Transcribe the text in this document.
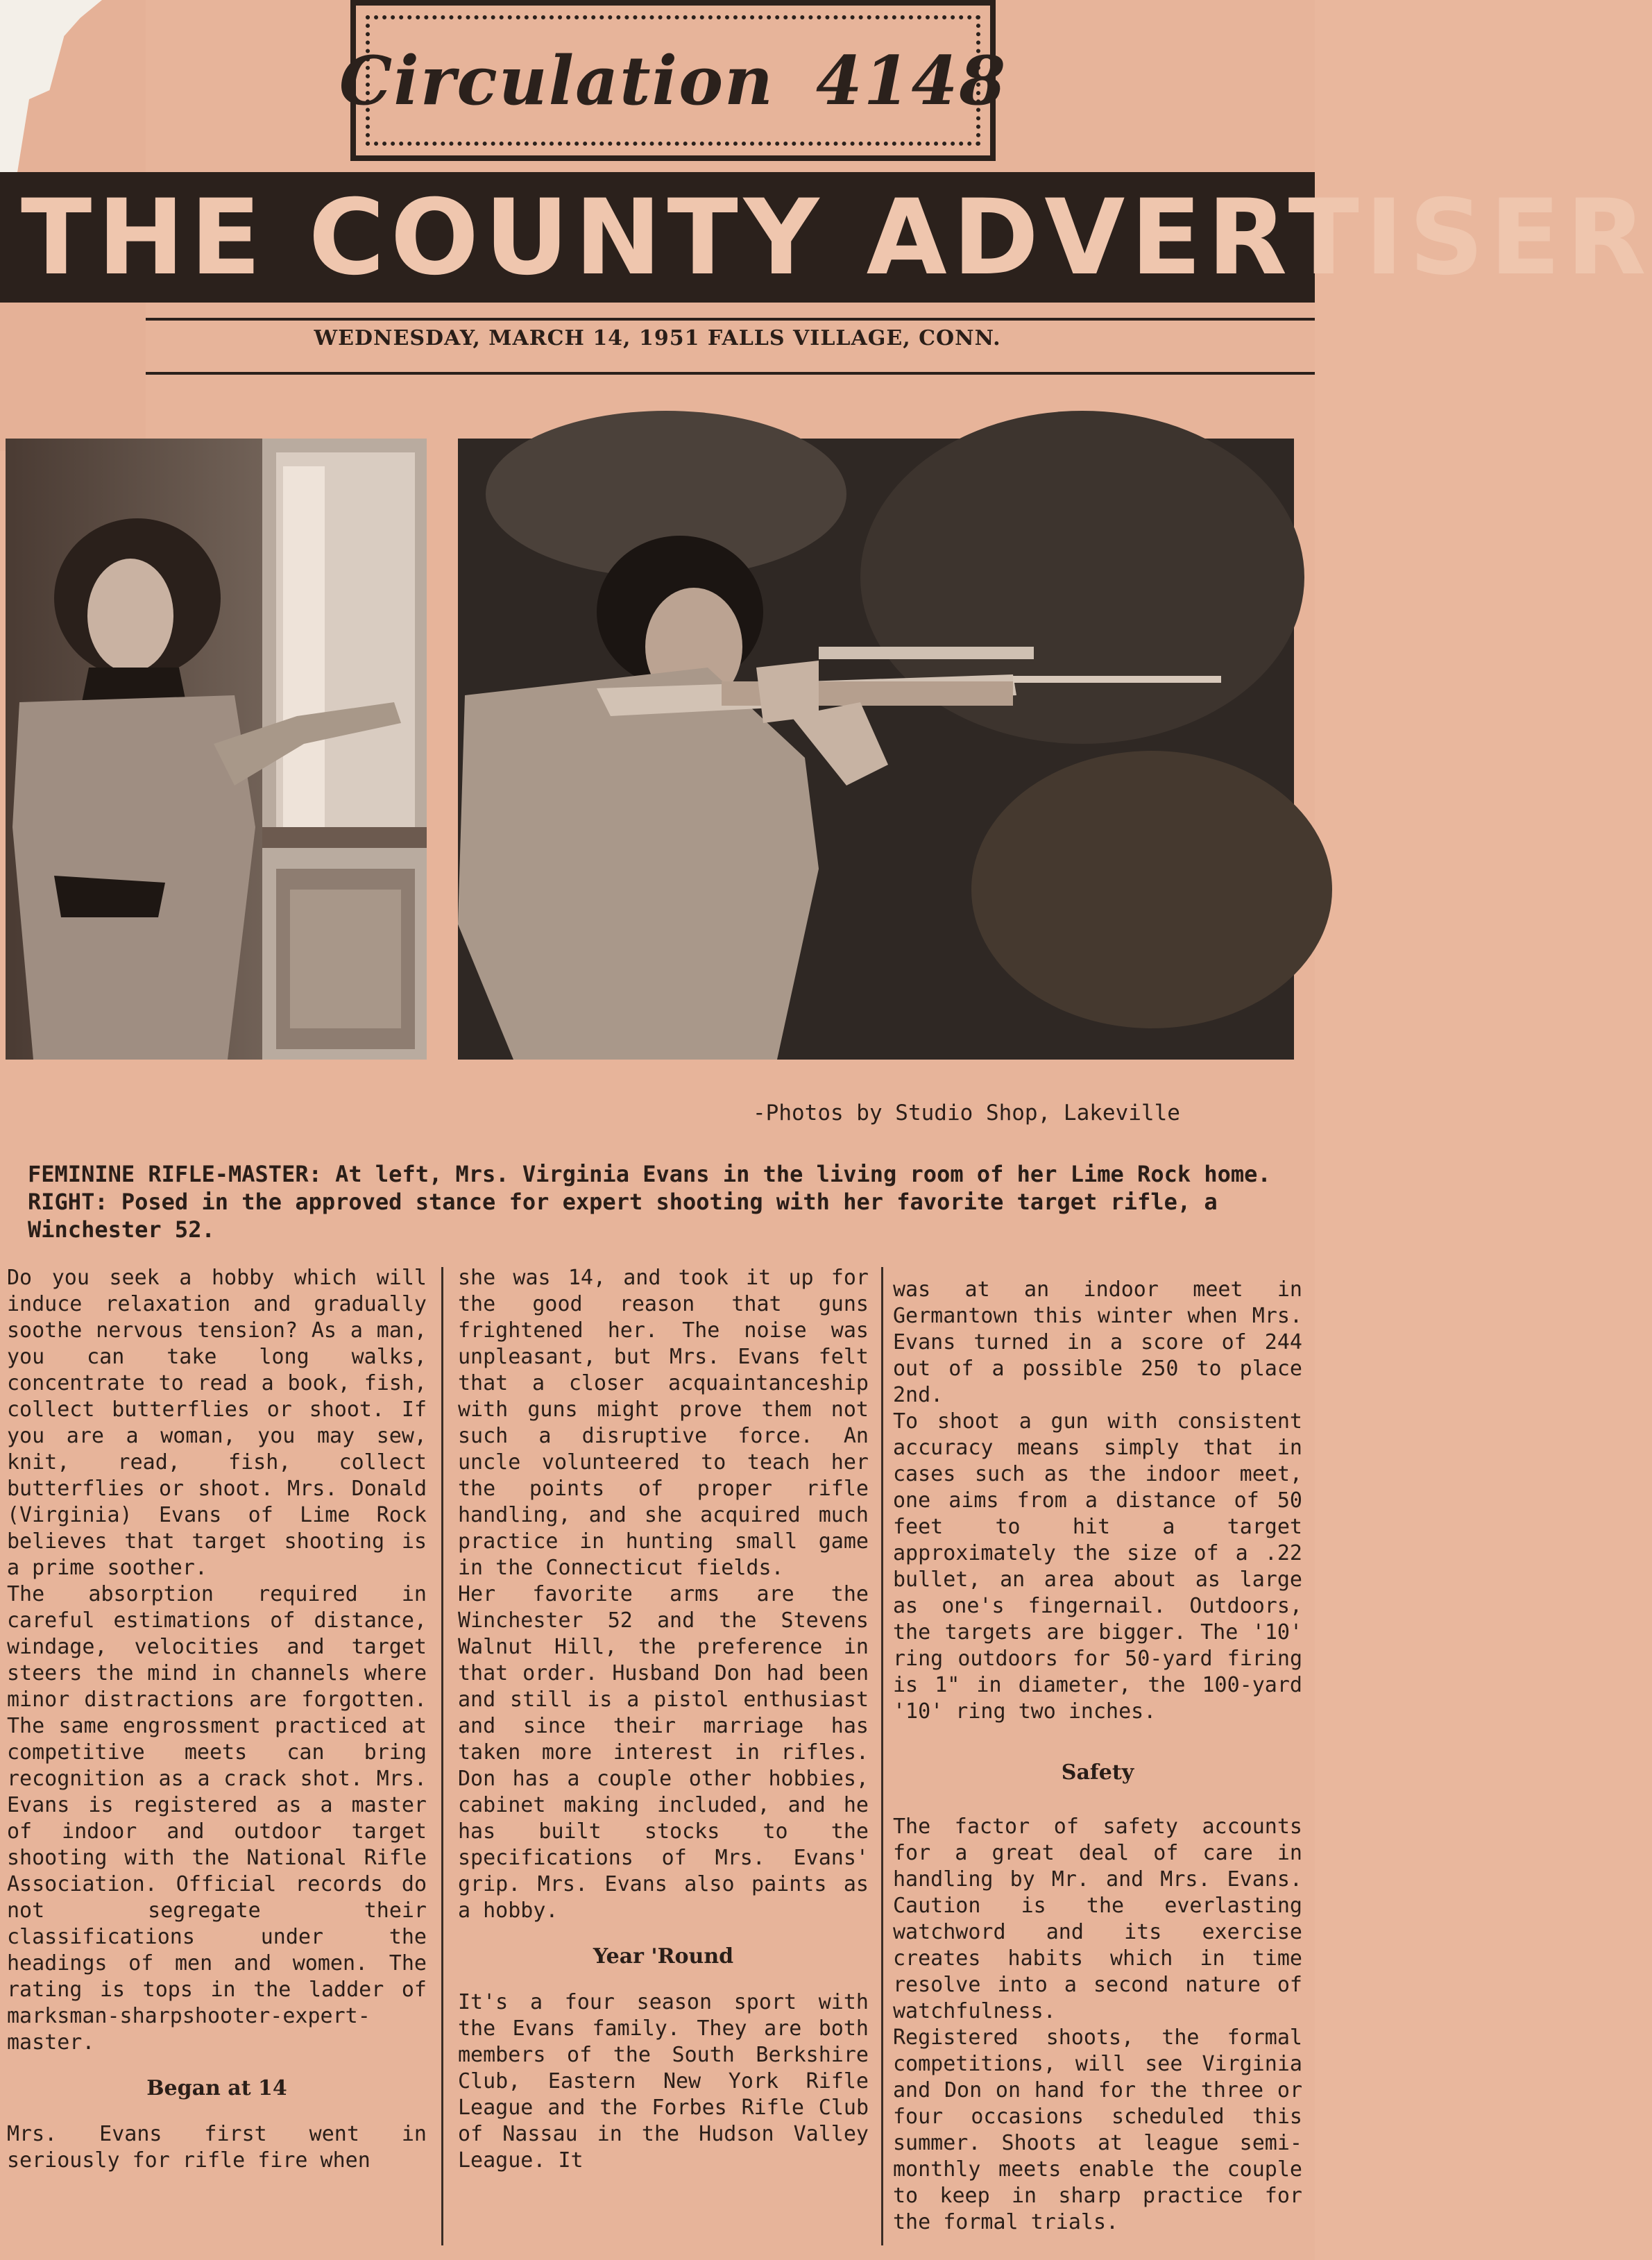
Circulation 4148
THE COUNTY ADVERTISER
WEDNESDAY, MARCH 14, 1951 FALLS VILLAGE, CONN.
-Photos by Studio Shop, Lakeville
FEMININE RIFLE-MASTER: At left, Mrs. Virginia Evans in the living room of her Lime Rock home. RIGHT: Posed in the approved stance for expert shooting with her favorite target rifle, a Winchester 52.

Do you seek a hobby which will induce relaxation and gradually soothe nervous tension? As a man, you can take long walks, concentrate to read a book, fish, collect butterflies or shoot. If you are a woman, you may sew, knit, read, fish, collect butterflies or shoot. Mrs. Donald (Virginia) Evans of Lime Rock believes that target shooting is a prime soother.

The absorption required in careful estimations of distance, windage, velocities and target steers the mind in channels where minor distractions are forgotten. The same engrossment practiced at competitive meets can bring recognition as a crack shot. Mrs. Evans is registered as a master of indoor and outdoor target shooting with the National Rifle Association. Official records do not segregate their classifications under the headings of men and women. The rating is tops in the ladder of marksman-sharpshooter-expert-master.

Began at 14

Mrs. Evans first went in seriously for rifle fire when

she was 14, and took it up for the good reason that guns frightened her. The noise was unpleasant, but Mrs. Evans felt that a closer acquaintanceship with guns might prove them not such a disruptive force. An uncle volunteered to teach her the points of proper rifle handling, and she acquired much practice in hunting small game in the Connecticut fields.

Her favorite arms are the Winchester 52 and the Stevens Walnut Hill, the preference in that order. Husband Don had been and still is a pistol enthusiast and since their marriage has taken more interest in rifles. Don has a couple other hobbies, cabinet making included, and he has built stocks to the specifications of Mrs. Evans' grip. Mrs. Evans also paints as a hobby.

Year 'Round

It's a four season sport with the Evans family. They are both members of the South Berkshire Club, Eastern New York Rifle League and the Forbes Rifle Club of Nassau in the Hudson Valley League. It

was at an indoor meet in Germantown this winter when Mrs. Evans turned in a score of 244 out of a possible 250 to place 2nd.

To shoot a gun with consistent accuracy means simply that in cases such as the indoor meet, one aims from a distance of 50 feet to hit a target approximately the size of a .22 bullet, an area about as large as one's fingernail. Outdoors, the targets are bigger. The '10' ring outdoors for 50-yard firing is 1" in diameter, the 100-yard '10' ring two inches.

Safety

The factor of safety accounts for a great deal of care in handling by Mr. and Mrs. Evans. Caution is the everlasting watchword and its exercise creates habits which in time resolve into a second nature of watchfulness.

Registered shoots, the formal competitions, will see Virginia and Don on hand for the three or four occasions scheduled this summer. Shoots at league semi-monthly meets enable the couple to keep in sharp practice for the formal trials.
